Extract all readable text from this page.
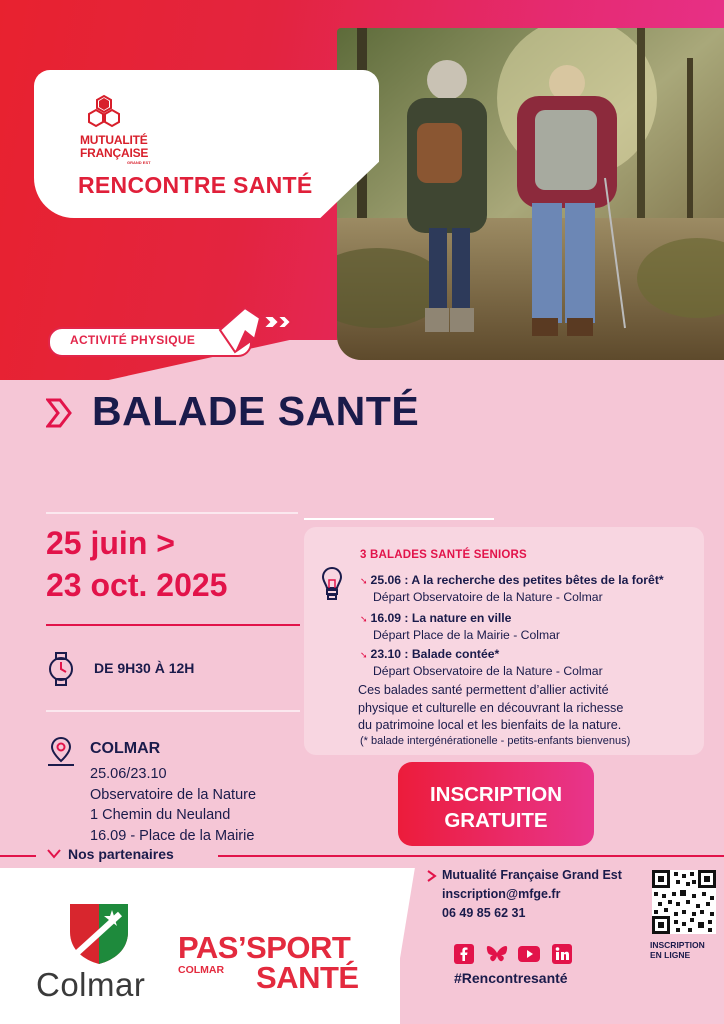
MUTUALITÉ
FRANÇAISE
GRAND EST
RENCONTRE SANTÉ
ACTIVITÉ PHYSIQUE
BALADE SANTÉ
25 juin >
23 oct. 2025
DE 9H30 À 12H
COLMAR
25.06/23.10
Observatoire de la Nature
1 Chemin du Neuland
16.09 - Place de la Mairie
3 BALADES SANTÉ SENIORS
➘ 25.06 : A la recherche des petites bêtes de la forêt*
Départ Observatoire de la Nature - Colmar
➘ 16.09 : La nature en ville
Départ Place de la Mairie - Colmar
➘ 23.10 : Balade contée*
Départ Observatoire de la Nature - Colmar
Ces balades santé permettent d’allier activité
physique et culturelle en découvrant la richesse
du patrimoine local et les bienfaits de la nature.
(* balade intergénérationelle - petits-enfants bienvenus)
Nos partenaires
INSCRIPTION
GRATUITE
Mutualité Française Grand Est
inscription@mfge.fr
06 49 85 62 31
#Rencontresanté
INSCRIPTION
EN LIGNE
Colmar
PAS’SPORT
COLMAR SANTÉ
